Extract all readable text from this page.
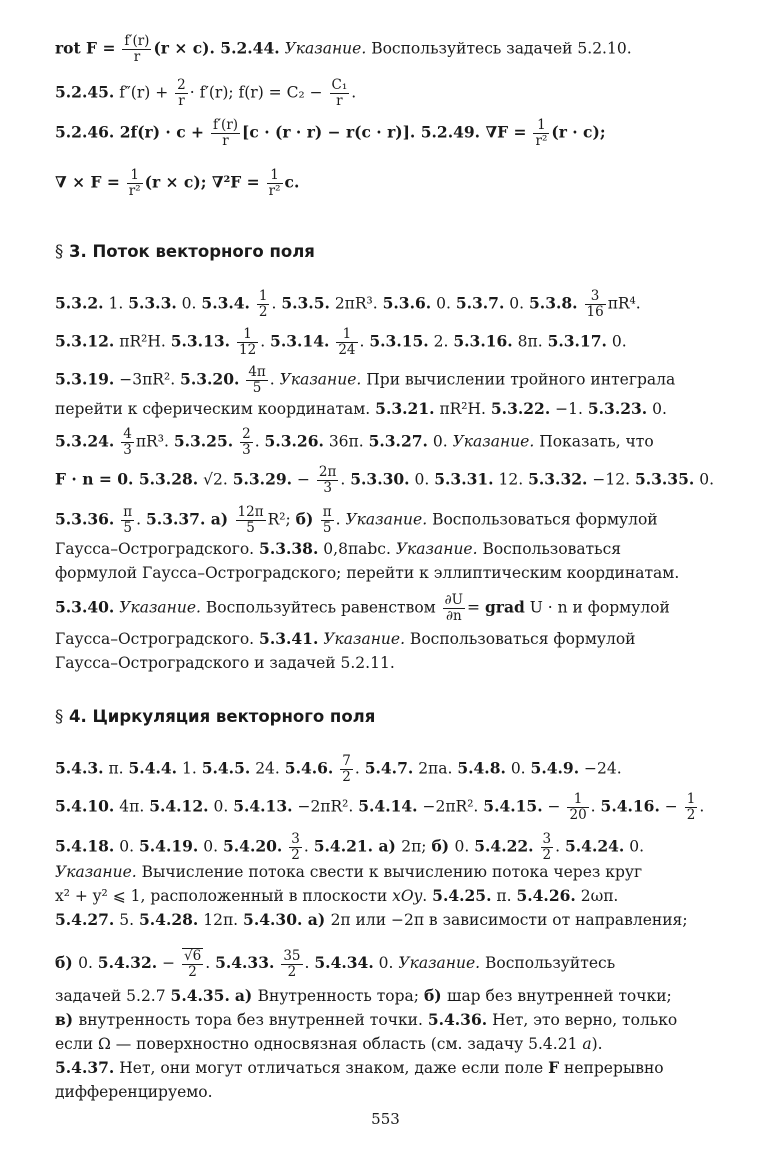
rot $F = \frac{f'(r)}{r} (r \times c)$. 5.2.44. Указание. Воспользуйтесь задачей 5.2.10.
5.2.45. $f''(r) + \frac{2}{r} \cdot f'(r)$; $f(r) = C_2 - \frac{\text{C₁}}{r}$ .
5.2.46. $2f(r) \cdot c + \frac{f'(r)}{r} [c \cdot (r \cdot r) - r(c \cdot r)]$. 5.2.49. $\nabla F = \frac{1}{\text{r²}} (r \cdot c)$;
∇ × $F = \frac{1}{\text{r²}} (r \times c)$; $\nabla^2F = \frac{1}{\text{r²}} c$.
§ 3. Поток векторного поля
5.3.2. 1. 5.3.3. 0. 5.3.4. $\frac{1}{2}$ . 5.3.5. 2πR³. 5.3.6. 0. 5.3.7. 0. 5.3.8. $\frac{3}{16} \pi R^4$.
5.3.12. πR²H. 5.3.13. $\frac{1}{12}$ . 5.3.14. $\frac{1}{24}$ . 5.3.15. 2. 5.3.16. 8π. 5.3.17. 0.
5.3.19. −3πR². 5.3.20. $\frac{4\pi}{5}$ . Указание. При вычислении тройного интеграла
перейти к сферическим координатам. 5.3.21. πR²H. 5.3.22. −1. 5.3.23. 0.
5.3.24. $\frac{4}{3} \pi R^3$. 5.3.25. $\frac{2}{3}$ . 5.3.26. 36π. 5.3.27. 0. Указание. Показать, что
F · n = 0. 5.3.28. √2. 5.3.29. − $\frac{2\pi}{3}$ . 5.3.30. 0. 5.3.31. 12. 5.3.32. −12. 5.3.35. 0.
5.3.36. $\frac{\pi}{5}$ . 5.3.37. $а) \frac{12\pi}{5} R^2$; $б) \frac{\pi}{5}$ . Указание. Воспользоваться формулой
Гаусса–Остроградского. 5.3.38. 0,8πabc. Указание. Воспользоваться
формулой Гаусса–Остроградского; перейти к эллиптическим координатам.
5.3.40. Указание. Воспользуйтесь равенством $\frac{\partial U}{\partial n}$ = grad U · n и формулой
Гаусса–Остроградского. 5.3.41. Указание. Воспользоваться формулой
Гаусса–Остроградского и задачей 5.2.11.
§ 4. Циркуляция векторного поля
5.4.3. π. 5.4.4. 1. 5.4.5. 24. 5.4.6. $\frac{7}{2}$ . 5.4.7. 2πa. 5.4.8. 0. 5.4.9. −24.
5.4.10. 4π. 5.4.12. 0. 5.4.13. −2πR². 5.4.14. −2πR². 5.4.15. − $\frac{1}{20}$ . 5.4.16. − $\frac{1}{2}$ .
5.4.18. 0. 5.4.19. 0. 5.4.20. $\frac{3}{2}$ . 5.4.21. а) 2π; б) 0. 5.4.22. $\frac{3}{2}$ . 5.4.24. 0.
Указание. Вычисление потока свести к вычислению потока через круг
x² + y² ⩽ 1, расположенный в плоскости xOy. 5.4.25. π. 5.4.26. 2ωπ.
5.4.27. 5. 5.4.28. 12π. 5.4.30. а) 2π или −2π в зависимости от направления;
б) 0. 5.4.32. − $\frac{√6}{2}$ . 5.4.33. $\frac{35}{2}$ . 5.4.34. 0. Указание. Воспользуйтесь
задачей 5.2.7 5.4.35. а) Внутренность тора; б) шар без внутренней точки;
в) внутренность тора без внутренней точки. 5.4.36. Нет, это верно, только
если Ω — поверхностно односвязная область (см. задачу 5.4.21 а).
5.4.37. Нет, они могут отличаться знаком, даже если поле F непрерывно
дифференцируемо.
553
